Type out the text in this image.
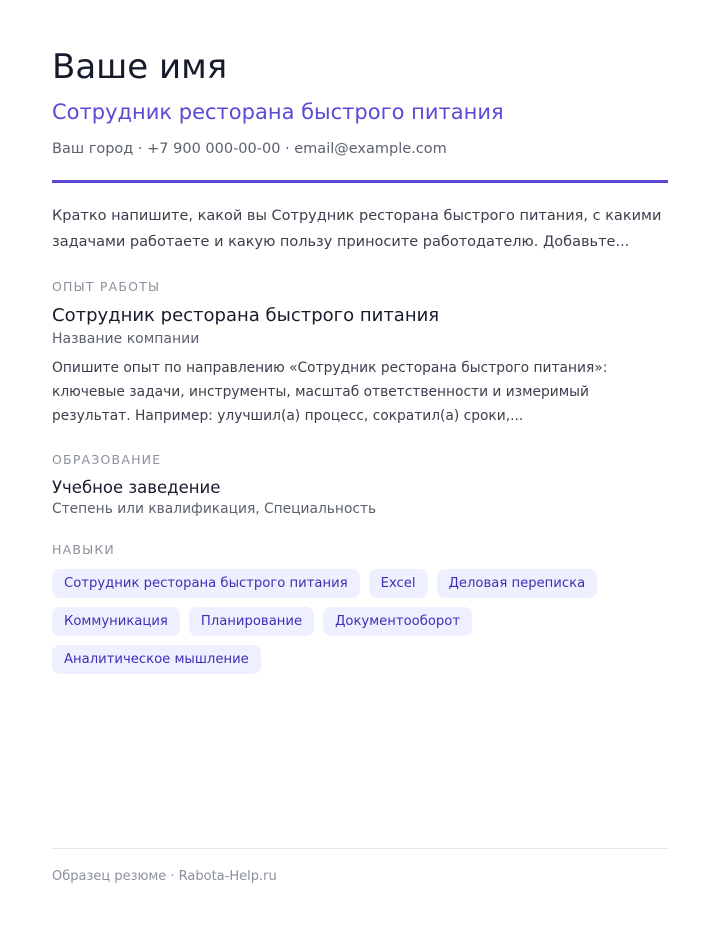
Ваше имя
Сотрудник ресторана быстрого питания
Ваш город · +7 900 000-00-00 · email@example.com
Кратко напишите, какой вы Сотрудник ресторана быстрого питания, с какими задачами работаете и какую пользу приносите работодателю. Добавьте...
ОПЫТ РАБОТЫ
Сотрудник ресторана быстрого питания
Название компании
Опишите опыт по направлению «Сотрудник ресторана быстрого питания»: ключевые задачи, инструменты, масштаб ответственности и измеримый результат. Например: улучшил(а) процесс, сократил(а) сроки,...
ОБРАЗОВАНИЕ
Учебное заведение
Степень или квалификация, Специальность
НАВЫКИ
Сотрудник ресторана быстрого питания	Excel	Деловая переписка
Коммуникация	Планирование	Документооборот
Аналитическое мышление
Образец резюме · Rabota-Help.ru
